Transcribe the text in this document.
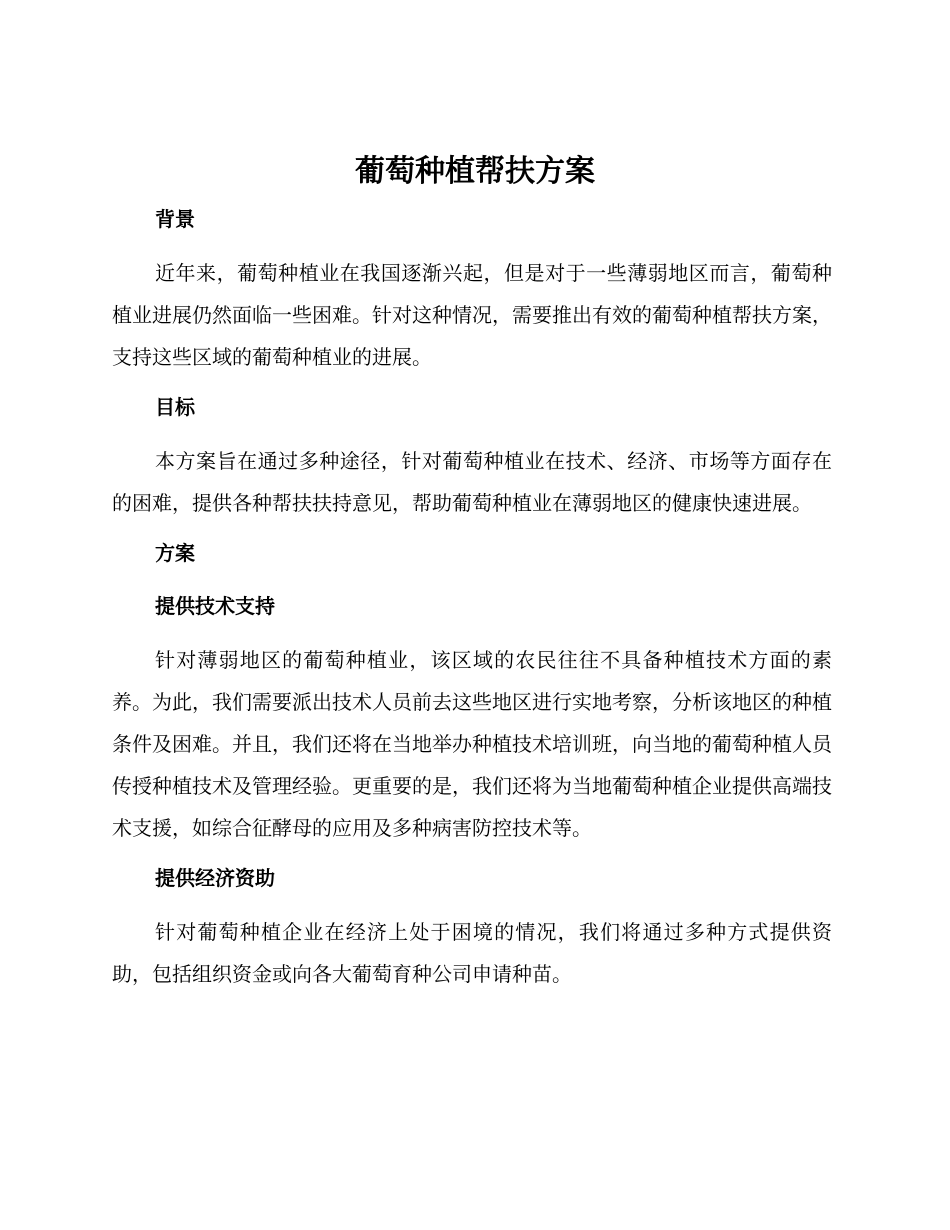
葡萄种植帮扶方案
背景

近年来，葡萄种植业在我国逐渐兴起，但是对于一些薄弱地区而言，葡萄种植业进展仍然面临一些困难。针对这种情况，需要推出有效的葡萄种植帮扶方案，支持这些区域的葡萄种植业的进展。

目标

本方案旨在通过多种途径，针对葡萄种植业在技术、经济、市场等方面存在的困难，提供各种帮扶扶持意见，帮助葡萄种植业在薄弱地区的健康快速进展。

方案
提供技术支持

针对薄弱地区的葡萄种植业，该区域的农民往往不具备种植技术方面的素养。为此，我们需要派出技术人员前去这些地区进行实地考察，分析该地区的种植条件及困难。并且，我们还将在当地举办种植技术培训班，向当地的葡萄种植人员传授种植技术及管理经验。更重要的是，我们还将为当地葡萄种植企业提供高端技术支援，如综合征酵母的应用及多种病害防控技术等。

提供经济资助

针对葡萄种植企业在经济上处于困境的情况，我们将通过多种方式提供资助，包括组织资金或向各大葡萄育种公司申请种苗。
